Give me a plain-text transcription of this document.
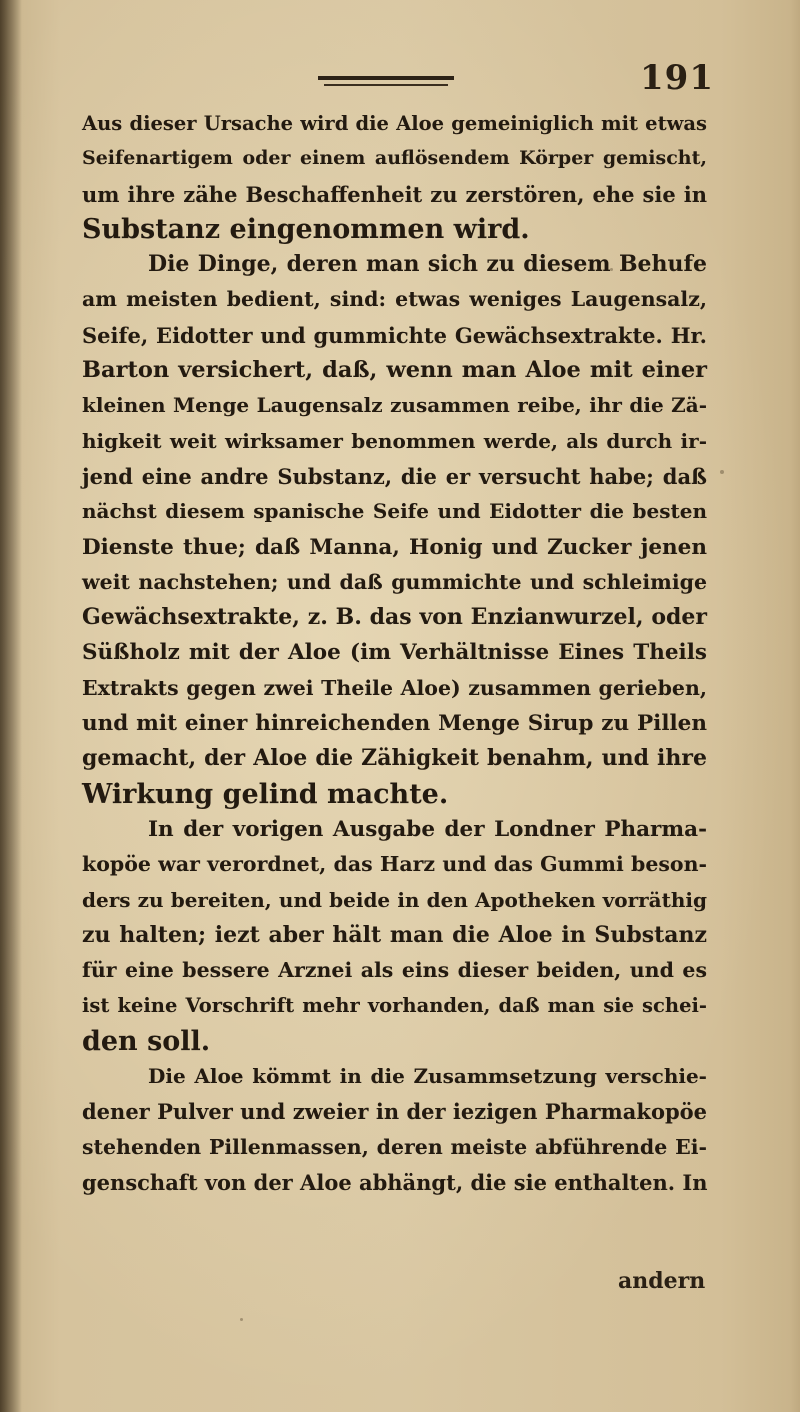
191
Aus dieser Ursache wird die Aloe gemeiniglich mit etwas
Seifenartigem oder einem auflösendem Körper gemischt,
um ihre zähe Beschaffenheit zu zerstören, ehe sie in
Substanz eingenommen wird.
Die Dinge, deren man sich zu diesem Behufe
am meisten bedient, sind: etwas weniges Laugensalz,
Seife, Eidotter und gummichte Gewächsextrakte. Hr.
Barton versichert, daß, wenn man Aloe mit einer
kleinen Menge Laugensalz zusammen reibe, ihr die Zä-
higkeit weit wirksamer benommen werde, als durch ir-
jend eine andre Substanz, die er versucht habe; daß
nächst diesem spanische Seife und Eidotter die besten
Dienste thue; daß Manna, Honig und Zucker jenen
weit nachstehen; und daß gummichte und schleimige
Gewächsextrakte, z. B. das von Enzianwurzel, oder
Süßholz mit der Aloe (im Verhältnisse Eines Theils
Extrakts gegen zwei Theile Aloe) zusammen gerieben,
und mit einer hinreichenden Menge Sirup zu Pillen
gemacht, der Aloe die Zähigkeit benahm, und ihre
Wirkung gelind machte.
In der vorigen Ausgabe der Londner Pharma-
kopöe war verordnet, das Harz und das Gummi beson-
ders zu bereiten, und beide in den Apotheken vorräthig
zu halten; iezt aber hält man die Aloe in Substanz
für eine bessere Arznei als eins dieser beiden, und es
ist keine Vorschrift mehr vorhanden, daß man sie schei-
den soll.
Die Aloe kömmt in die Zusammsetzung verschie-
dener Pulver und zweier in der iezigen Pharmakopöe
stehenden Pillenmassen, deren meiste abführende Ei-
genschaft von der Aloe abhängt, die sie enthalten. In
andern
